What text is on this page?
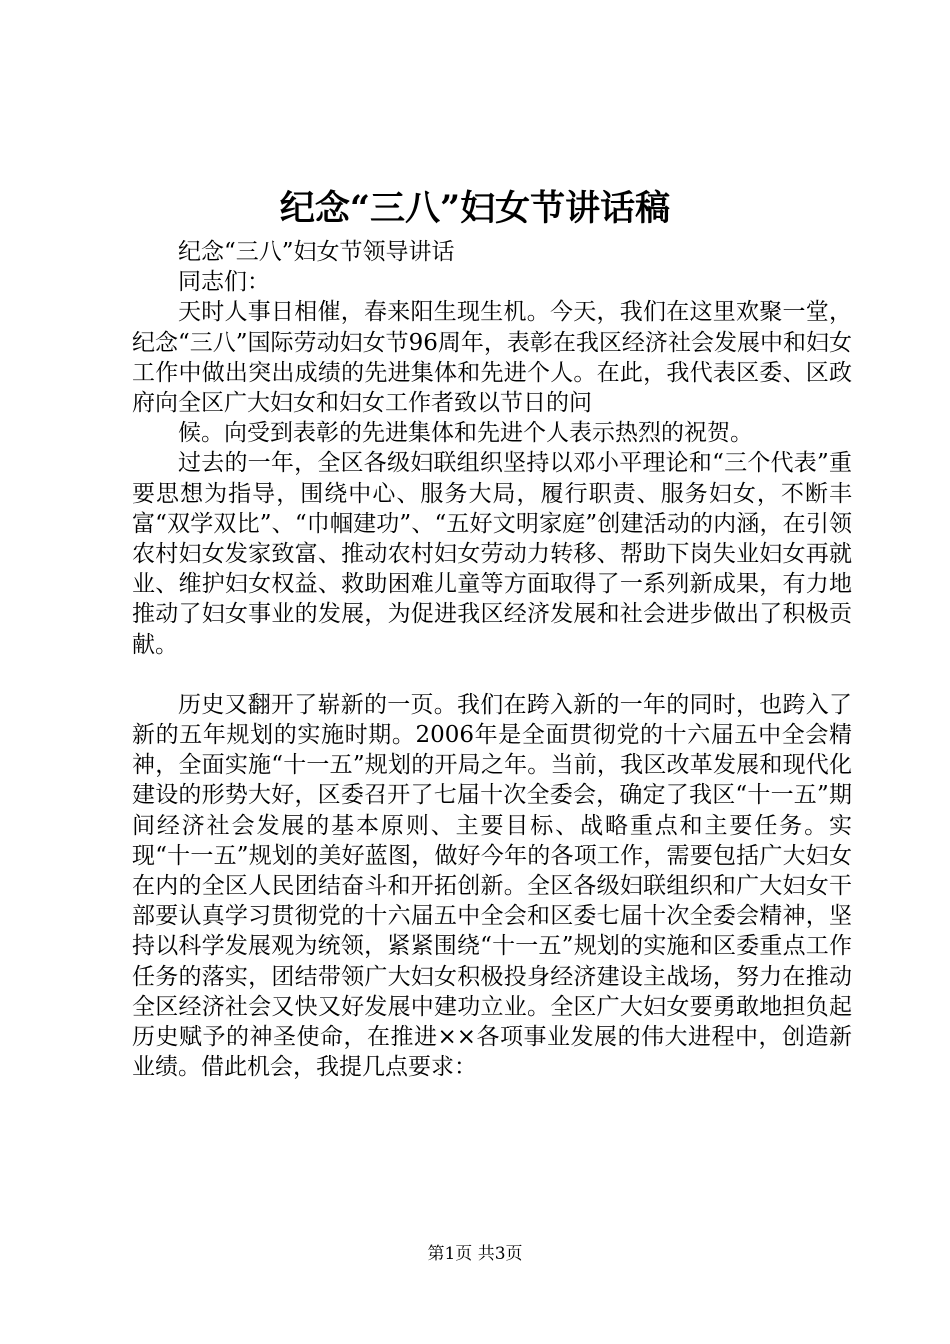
纪念“三八”妇女节讲话稿

纪念“三八”妇女节领导讲话

同志们：

天时人事日相催，春来阳生现生机。今天，我们在这里欢聚一堂，纪念“三八”国际劳动妇女节96周年，表彰在我区经济社会发展中和妇女工作中做出突出成绩的先进集体和先进个人。在此，我代表区委、区政府向全区广大妇女和妇女工作者致以节日的问

候。向受到表彰的先进集体和先进个人表示热烈的祝贺。

过去的一年，全区各级妇联组织坚持以邓小平理论和“三个代表”重要思想为指导，围绕中心、服务大局，履行职责、服务妇女，不断丰富“双学双比”、“巾帼建功”、“五好文明家庭”创建活动的内涵，在引领农村妇女发家致富、推动农村妇女劳动力转移、帮助下岗失业妇女再就业、维护妇女权益、救助困难儿童等方面取得了一系列新成果，有力地推动了妇女事业的发展，为促进我区经济发展和社会进步做出了积极贡献。

历史又翻开了崭新的一页。我们在跨入新的一年的同时，也跨入了新的五年规划的实施时期。2006年是全面贯彻党的十六届五中全会精神，全面实施“十一五”规划的开局之年。当前，我区改革发展和现代化建设的形势大好，区委召开了七届十次全委会，确定了我区“十一五”期间经济社会发展的基本原则、主要目标、战略重点和主要任务。实现“十一五”规划的美好蓝图，做好今年的各项工作，需要包括广大妇女在内的全区人民团结奋斗和开拓创新。全区各级妇联组织和广大妇女干部要认真学习贯彻党的十六届五中全会和区委七届十次全委会精神，坚持以科学发展观为统领，紧紧围绕“十一五”规划的实施和区委重点工作任务的落实，团结带领广大妇女积极投身经济建设主战场，努力在推动全区经济社会又快又好发展中建功立业。全区广大妇女要勇敢地担负起历史赋予的神圣使命，在推进××各项事业发展的伟大进程中，创造新业绩。借此机会，我提几点要求：

第1页 共3页
